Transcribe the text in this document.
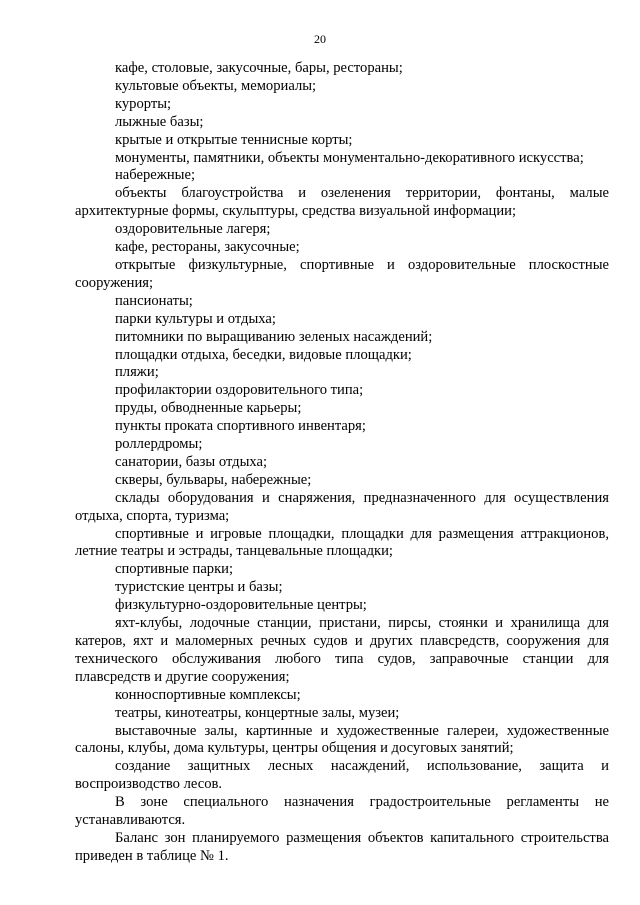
20

кафе, столовые, закусочные, бары, рестораны;

культовые объекты, мемориалы;

курорты;

лыжные базы;

крытые и открытые теннисные корты;

монументы, памятники, объекты монументально-декоративного искусства;

набережные;

объекты благоустройства и озеленения территории, фонтаны, малые архитектурные формы, скульптуры, средства визуальной информации;

оздоровительные лагеря;

кафе, рестораны, закусочные;

открытые физкультурные, спортивные и оздоровительные плоскостные сооружения;

пансионаты;

парки культуры и отдыха;

питомники по выращиванию зеленых насаждений;

площадки отдыха, беседки, видовые площадки;

пляжи;

профилактории оздоровительного типа;

пруды, обводненные карьеры;

пункты проката спортивного инвентаря;

роллердромы;

санатории, базы отдыха;

скверы, бульвары, набережные;

склады оборудования и снаряжения, предназначенного для осуществления отдыха, спорта, туризма;

спортивные и игровые площадки, площадки для размещения аттракционов, летние театры и эстрады, танцевальные площадки;

спортивные парки;

туристские центры и базы;

физкультурно-оздоровительные центры;

яхт-клубы, лодочные станции, пристани, пирсы, стоянки и хранилища для катеров, яхт и маломерных речных судов и других плавсредств, сооружения для технического обслуживания любого типа судов, заправочные станции для плавсредств и другие сооружения;

конноспортивные комплексы;

театры, кинотеатры, концертные залы, музеи;

выставочные залы, картинные и художественные галереи, художественные салоны, клубы, дома культуры, центры общения и досуговых занятий;

создание защитных лесных насаждений, использование, защита и воспроизводство лесов.

В зоне специального назначения градостроительные регламенты не устанавливаются.

Баланс зон планируемого размещения объектов капитального строительства приведен в таблице № 1.
